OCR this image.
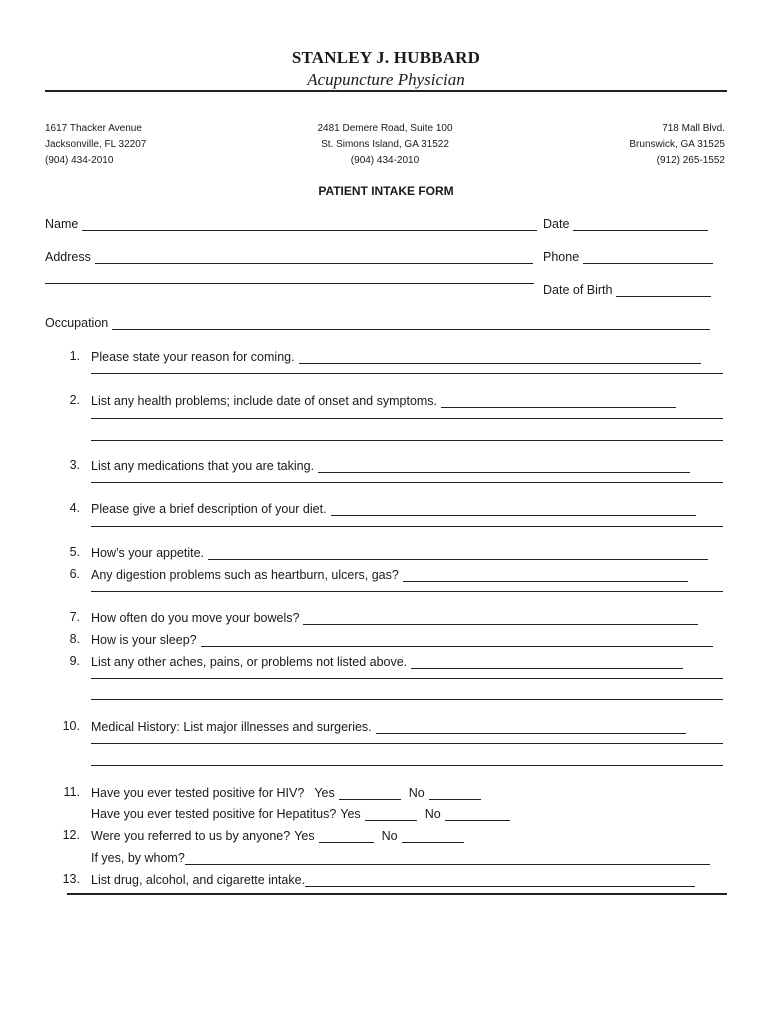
STANLEY J. HUBBARD
Acupuncture Physician
1617 Thacker Avenue
Jacksonville, FL 32207
(904) 434-2010
2481 Demere Road, Suite 100
St. Simons Island, GA 31522
(904) 434-2010
718 Mall Blvd.
Brunswick, GA 31525
(912) 265-1552
PATIENT INTAKE FORM
Name	Date
Address	Phone
Date of Birth
Occupation
1. Please state your reason for coming.
2. List any health problems; include date of onset and symptoms.
3. List any medications that you are taking.
4. Please give a brief description of your diet.
5. How’s your appetite.
6. Any digestion problems such as heartburn, ulcers, gas?
7. How often do you move your bowels?
8. How is your sleep?
9. List any other aches, pains, or problems not listed above.
10. Medical History: List major illnesses and surgeries.
11. Have you ever tested positive for HIV? Yes	No
Have you ever tested positive for Hepatitus? Yes	No
12. Were you referred to us by anyone? Yes	No
If yes, by whom?
13. List drug, alcohol, and cigarette intake.
